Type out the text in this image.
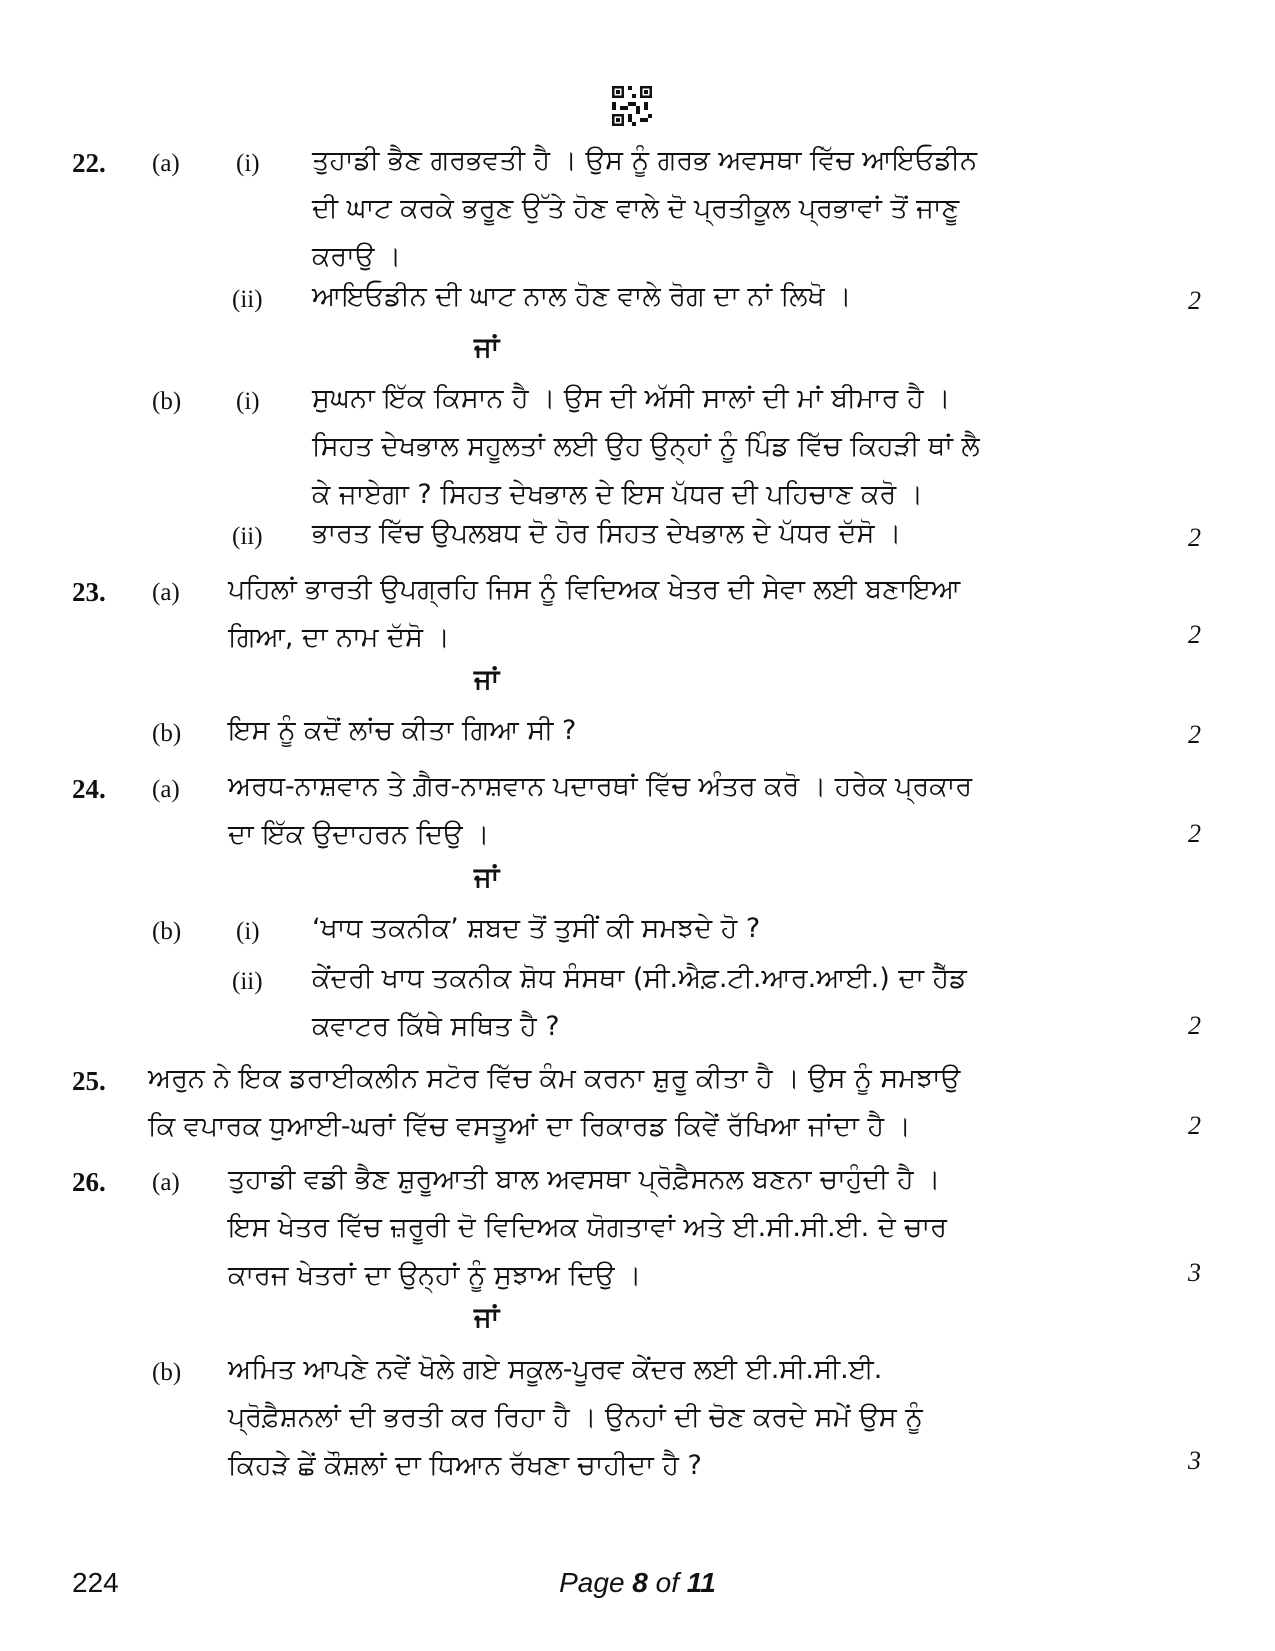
22. (a) (i) ਤੁਹਾਡੀ ਭੈਣ ਗਰਭਵਤੀ ਹੈ । ਉਸ ਨੂੰ ਗਰਭ ਅਵਸਥਾ ਵਿੱਚ ਆਇਓਡੀਨ
ਦੀ ਘਾਟ ਕਰਕੇ ਭਰੂਣ ਉੱਤੇ ਹੋਣ ਵਾਲੇ ਦੋ ਪ੍ਰਤੀਕੂਲ ਪ੍ਰਭਾਵਾਂ ਤੋਂ ਜਾਣੂ
ਕਰਾਉ ।
(ii) ਆਇਓਡੀਨ ਦੀ ਘਾਟ ਨਾਲ ਹੋਣ ਵਾਲੇ ਰੋਗ ਦਾ ਨਾਂ ਲਿਖੋ ।	2
ਜਾਂ
(b) (i) ਸੁਘਨਾ ਇੱਕ ਕਿਸਾਨ ਹੈ । ਉਸ ਦੀ ਅੱਸੀ ਸਾਲਾਂ ਦੀ ਮਾਂ ਬੀਮਾਰ ਹੈ ।
ਸਿਹਤ ਦੇਖਭਾਲ ਸਹੂਲਤਾਂ ਲਈ ਉਹ ਉਨ੍ਹਾਂ ਨੂੰ ਪਿੰਡ ਵਿੱਚ ਕਿਹੜੀ ਥਾਂ ਲੈ
ਕੇ ਜਾਏਗਾ ? ਸਿਹਤ ਦੇਖਭਾਲ ਦੇ ਇਸ ਪੱਧਰ ਦੀ ਪਹਿਚਾਣ ਕਰੋ ।
(ii) ਭਾਰਤ ਵਿੱਚ ਉਪਲਬਧ ਦੋ ਹੋਰ ਸਿਹਤ ਦੇਖਭਾਲ ਦੇ ਪੱਧਰ ਦੱਸੋ ।	2
23. (a) ਪਹਿਲਾਂ ਭਾਰਤੀ ਉਪਗ੍ਰਹਿ ਜਿਸ ਨੂੰ ਵਿਦਿਅਕ ਖੇਤਰ ਦੀ ਸੇਵਾ ਲਈ ਬਣਾਇਆ
ਗਿਆ, ਦਾ ਨਾਮ ਦੱਸੋ ।	2
ਜਾਂ
(b) ਇਸ ਨੂੰ ਕਦੋਂ ਲਾਂਚ ਕੀਤਾ ਗਿਆ ਸੀ ?	2
24. (a) ਅਰਧ-ਨਾਸ਼ਵਾਨ ਤੇ ਗ਼ੈਰ-ਨਾਸ਼ਵਾਨ ਪਦਾਰਥਾਂ ਵਿੱਚ ਅੰਤਰ ਕਰੋ । ਹਰੇਕ ਪ੍ਰਕਾਰ
ਦਾ ਇੱਕ ਉਦਾਹਰਨ ਦਿਉ ।	2
ਜਾਂ
(b) (i) ‘ਖਾਧ ਤਕਨੀਕ’ ਸ਼ਬਦ ਤੋਂ ਤੁਸੀਂ ਕੀ ਸਮਝਦੇ ਹੋ ?
(ii) ਕੇਂਦਰੀ ਖਾਧ ਤਕਨੀਕ ਸ਼ੋਧ ਸੰਸਥਾ (ਸੀ.ਐਫ਼.ਟੀ.ਆਰ.ਆਈ.) ਦਾ ਹੈੱਡ
ਕਵਾਟਰ ਕਿੱਥੇ ਸਥਿਤ ਹੈ ?	2
25. ਅਰੁਨ ਨੇ ਇਕ ਡਰਾਈਕਲੀਨ ਸਟੋਰ ਵਿੱਚ ਕੰਮ ਕਰਨਾ ਸ਼ੁਰੂ ਕੀਤਾ ਹੈ । ਉਸ ਨੂੰ ਸਮਝਾਉ
ਕਿ ਵਪਾਰਕ ਧੁਆਈ-ਘਰਾਂ ਵਿੱਚ ਵਸਤੂਆਂ ਦਾ ਰਿਕਾਰਡ ਕਿਵੇਂ ਰੱਖਿਆ ਜਾਂਦਾ ਹੈ ।	2
26. (a) ਤੁਹਾਡੀ ਵਡੀ ਭੈਣ ਸ਼ੁਰੂਆਤੀ ਬਾਲ ਅਵਸਥਾ ਪ੍ਰੋਫ਼ੈਸਨਲ ਬਣਨਾ ਚਾਹੁੰਦੀ ਹੈ ।
ਇਸ ਖੇਤਰ ਵਿੱਚ ਜ਼ਰੂਰੀ ਦੋ ਵਿਦਿਅਕ ਯੋਗਤਾਵਾਂ ਅਤੇ ਈ.ਸੀ.ਸੀ.ਈ. ਦੇ ਚਾਰ
ਕਾਰਜ ਖੇਤਰਾਂ ਦਾ ਉਨ੍ਹਾਂ ਨੂੰ ਸੁਝਾਅ ਦਿਉ ।	3
ਜਾਂ
(b) ਅਮਿਤ ਆਪਣੇ ਨਵੇਂ ਖੋਲੇ ਗਏ ਸਕੂਲ-ਪੂਰਵ ਕੇਂਦਰ ਲਈ ਈ.ਸੀ.ਸੀ.ਈ.
ਪ੍ਰੋਫ਼ੈਸ਼ਨਲਾਂ ਦੀ ਭਰਤੀ ਕਰ ਰਿਹਾ ਹੈ । ਉਨਹਾਂ ਦੀ ਚੋਣ ਕਰਦੇ ਸਮੇਂ ਉਸ ਨੂੰ
ਕਿਹੜੇ ਛੇਂ ਕੌਸ਼ਲਾਂ ਦਾ ਧਿਆਨ ਰੱਖਣਾ ਚਾਹੀਦਾ ਹੈ ?	3
224	Page 8 of 11
